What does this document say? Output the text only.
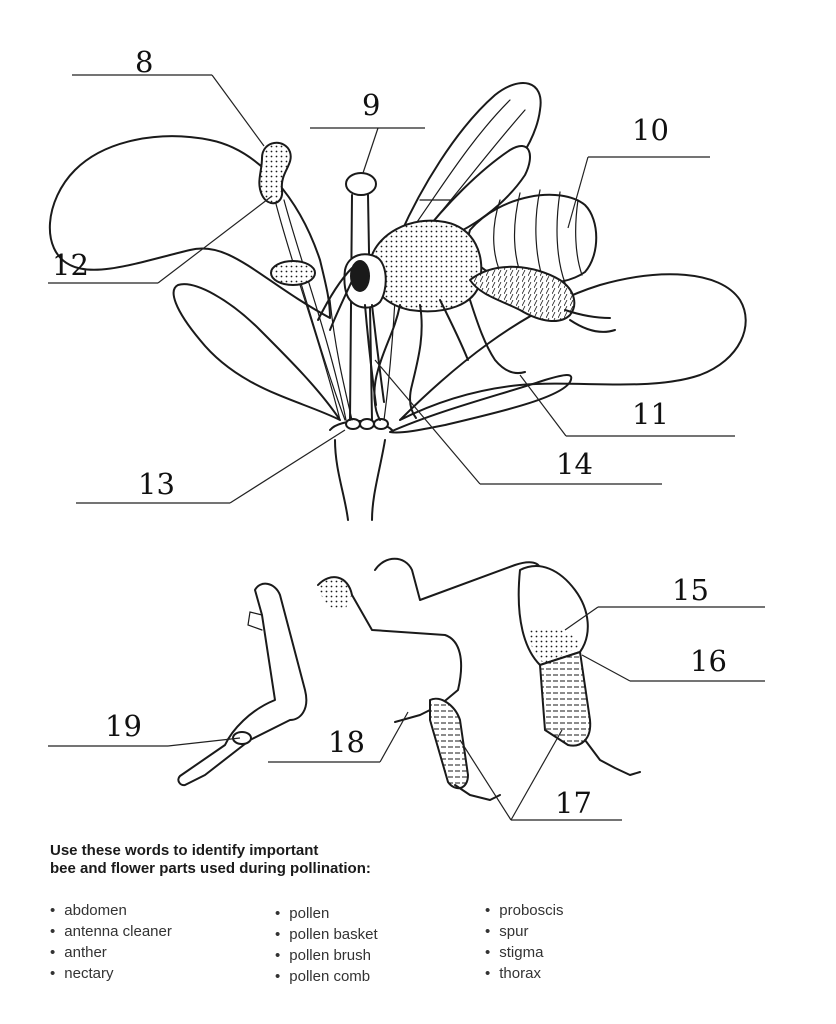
8
9
10
11
12
13
14
15
16
17
18
19

Use these words to identify important
bee and flower parts used during pollination:

• abdomen
• antenna cleaner
• anther
• nectary
• pollen
• pollen basket
• pollen brush
• pollen comb
• proboscis
• spur
• stigma
• thorax
